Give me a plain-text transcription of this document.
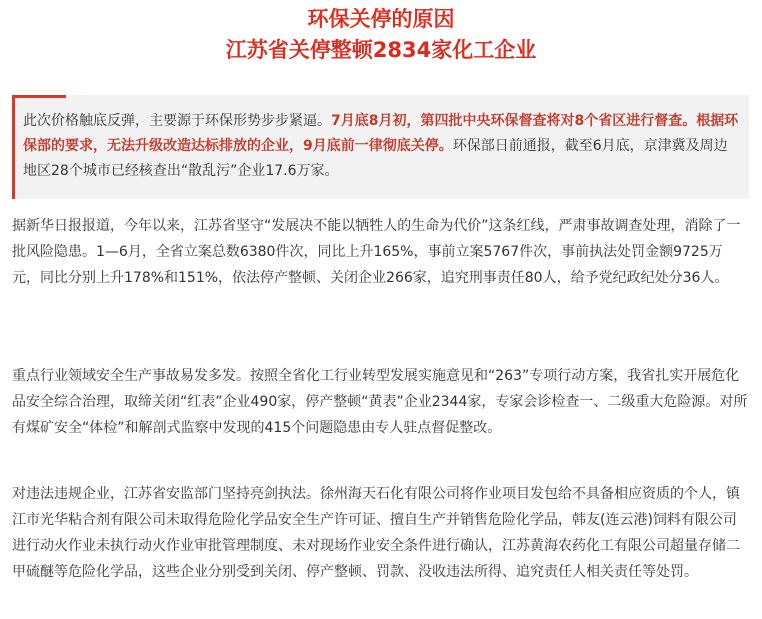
环保关停的原因
江苏省关停整顿2834家化工企业
此次价格触底反弹，主要源于环保形势步步紧逼。7月底8月初，第四批中央环保督查将对8个省区进行督查。根据环保部的要求，无法升级改造达标排放的企业，9月底前一律彻底关停。环保部日前通报，截至6月底，京津冀及周边地区28个城市已经核查出“散乱污”企业17.6万家。

据新华日报报道，今年以来，江苏省坚守“发展决不能以牺牲人的生命为代价”这条红线，严肃事故调查处理，消除了一批风险隐患。1—6月，全省立案总数6380件次，同比上升165%，事前立案5767件次，事前执法处罚金额9725万元，同比分别上升178%和151%，依法停产整顿、关闭企业266家，追究刑事责任80人，给予党纪政纪处分36人。

重点行业领域安全生产事故易发多发。按照全省化工行业转型发展实施意见和“263”专项行动方案，我省扎实开展危化品安全综合治理，取缔关闭“红表”企业490家，停产整顿“黄表”企业2344家，专家会诊检查一、二级重大危险源。对所有煤矿安全“体检”和解剖式监察中发现的415个问题隐患由专人驻点督促整改。

对违法违规企业，江苏省安监部门坚持亮剑执法。徐州海天石化有限公司将作业项目发包给不具备相应资质的个人，镇江市光华粘合剂有限公司未取得危险化学品安全生产许可证、擅自生产并销售危险化学品，韩友(连云港)饲料有限公司进行动火作业未执行动火作业审批管理制度、未对现场作业安全条件进行确认，江苏黄海农药化工有限公司超量存储二甲硫醚等危险化学品，这些企业分别受到关闭、停产整顿、罚款、没收违法所得、追究责任人相关责任等处罚。
